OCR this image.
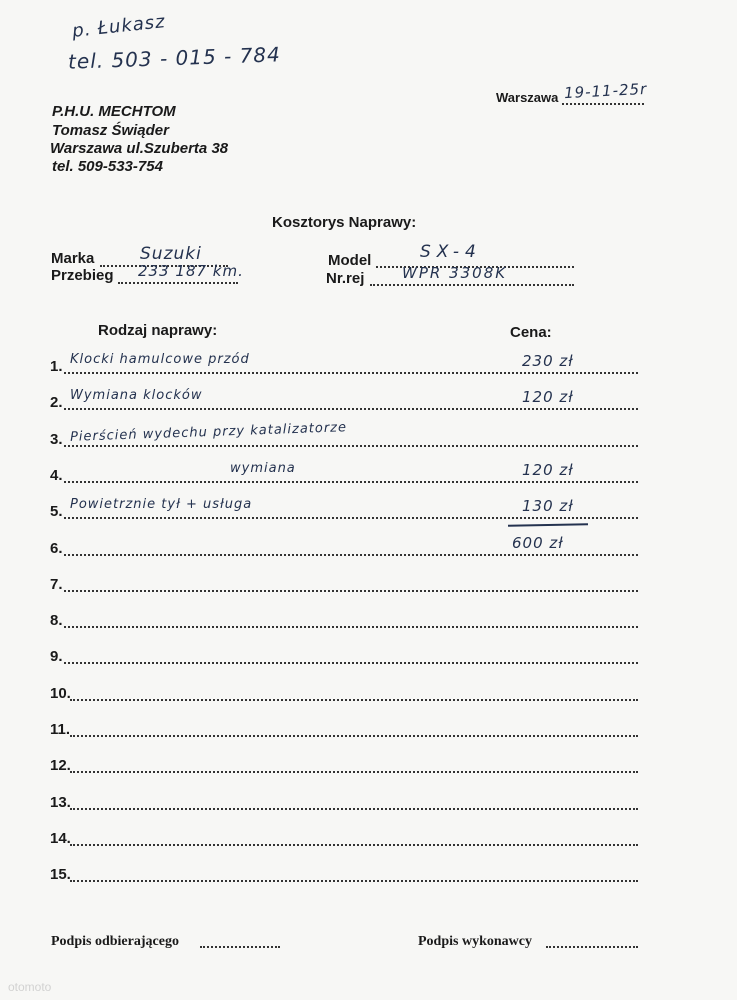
p. Łukasz
tel. 503 - 015 - 784
Warszawa 19-11-25r
P.H.U. MECHTOM
Tomasz Świąder
Warszawa ul.Szuberta 38
tel. 509-533-754
Kosztorys Naprawy:
Marka	Suzuki
Przebieg 233 187 km.
Model	SX-4
Nr.rej	WPR 3308K
Rodzaj naprawy:	Cena:
1. Klocki hamulcowe przód	230 zł
2. Wymiana klocków	120 zł
3. Pierścień wydechu przy katalizatorze
4.	wymiana	120 zł
5. Powietrznie tył + usługa	130 zł
6.	600 zł
7.
8.
9.
10.
11.
12.
13.
14.
15.
Podpis odbierającego	Podpis wykonawcy
otomoto
